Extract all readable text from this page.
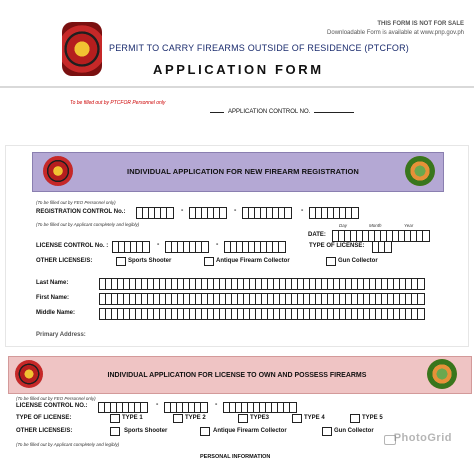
THIS FORM IS NOT FOR SALE
Downloadable Form is available at www.pnp.gov.ph
PERMIT TO CARRY FIREARMS OUTSIDE OF RESIDENCE (PTCFOR)
APPLICATION FORM
To be filled out by PTCFOR Personnel only
APPLICATION CONTROL NO.
INDIVIDUAL APPLICATION FOR NEW FIREARM REGISTRATION
(To be filled out by FEO Personnel only)
REGISTRATION CONTROL No.:	-	-	-
(To be filled out by Applicant completely and legibly)	Day	Month	Year
DATE:
LICENSE CONTROL No. :	-	-	TYPE OF LICENSE:
OTHER LICENSE/S:	Sports Shooter	Antique Firearm Collector	Gun Collector
Last Name:
First Name:
Middle Name:
Primary Address:
INDIVIDUAL APPLICATION FOR LICENSE TO OWN AND POSSESS FIREARMS
(To be filled out by FEO Personnel only)
LICENSE CONTROL NO.:	-	-
TYPE OF LICENSE:	TYPE 1	TYPE 2	TYPE3	TYPE 4	TYPE 5
OTHER LICENSE/S:	Sports Shooter	Antique Firearm Collector	Gun Collector
(To be filled out by Applicant completely and legibly)
PERSONAL INFORMATION
PhotoGrid
